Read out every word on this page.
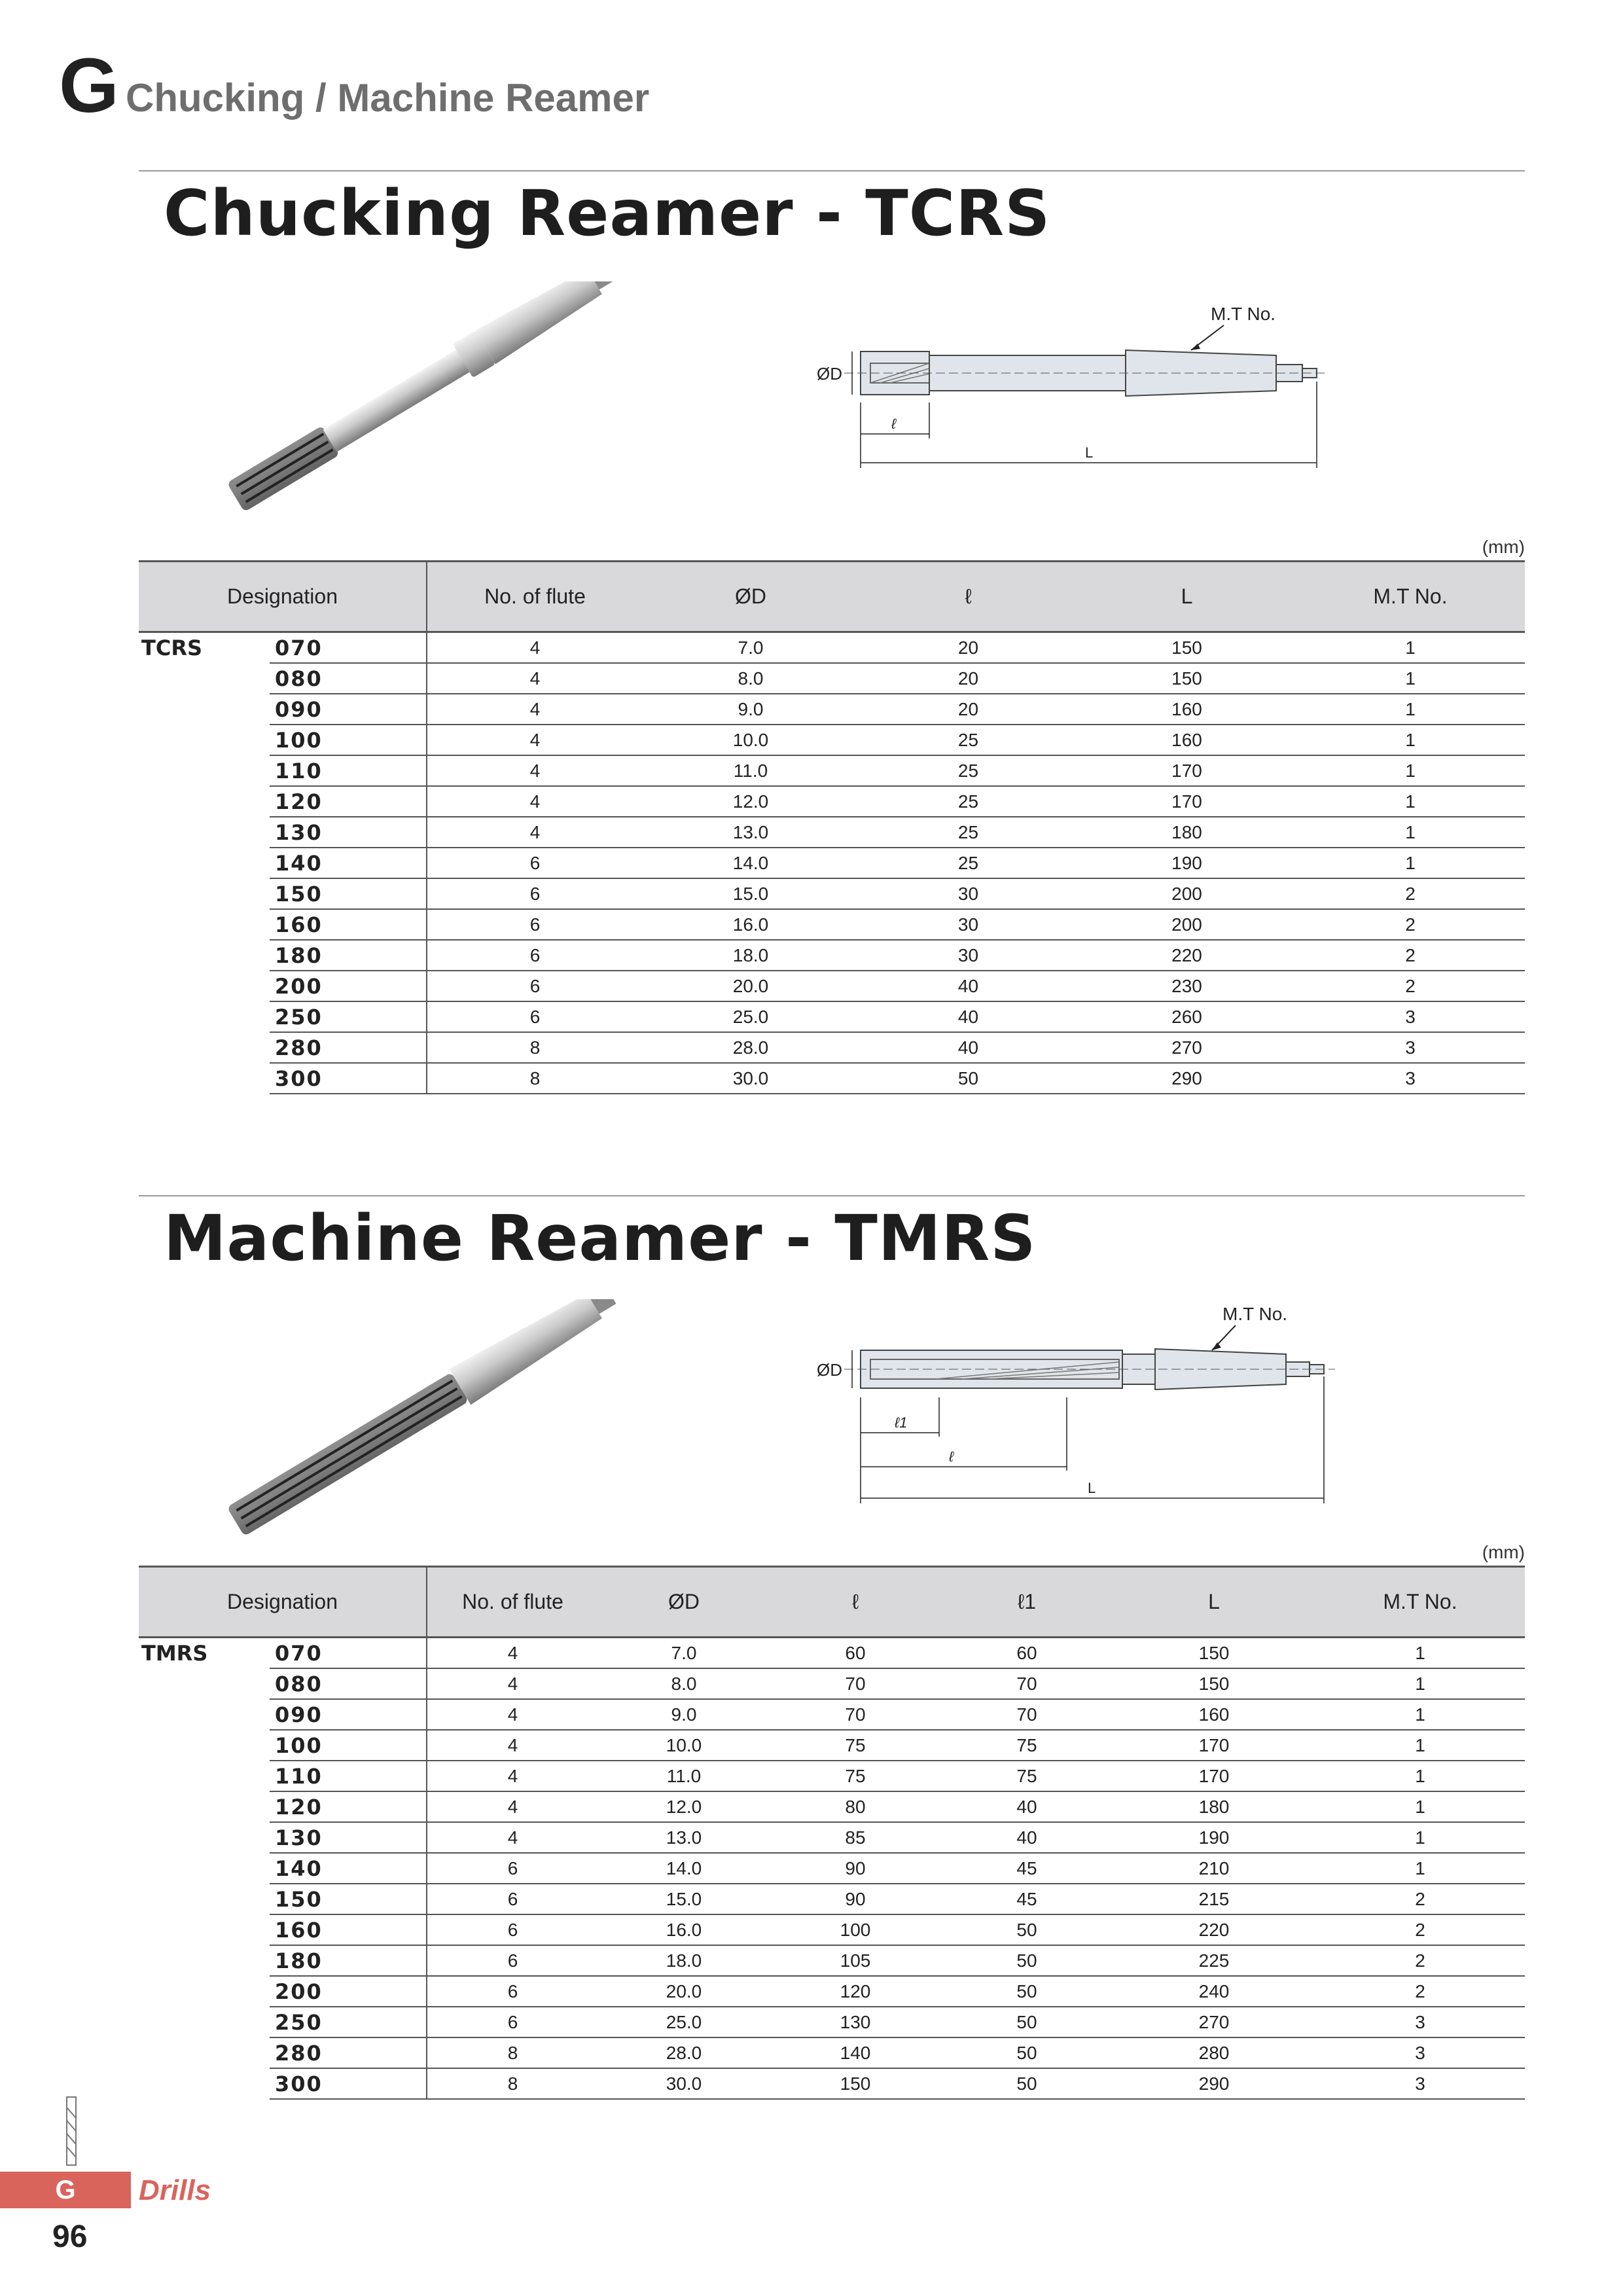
G Chucking / Machine Reamer
Chucking Reamer - TCRS
M.T No.
ØD
ℓ
L
(mm)
Designation		No. of flute	ØD	ℓ	L	M.T No.
TCRS	070	4	7.0	20	150	1
	080	4	8.0	20	150	1
	090	4	9.0	20	160	1
	100	4	10.0	25	160	1
	110	4	11.0	25	170	1
	120	4	12.0	25	170	1
	130	4	13.0	25	180	1
	140	6	14.0	25	190	1
	150	6	15.0	30	200	2
	160	6	16.0	30	200	2
	180	6	18.0	30	220	2
	200	6	20.0	40	230	2
	250	6	25.0	40	260	3
	280	8	28.0	40	270	3
	300	8	30.0	50	290	3
Machine Reamer - TMRS
M.T No.
ØD
ℓ1
ℓ
L
(mm)
Designation		No. of flute	ØD	ℓ	ℓ1	L	M.T No.
TMRS	070	4	7.0	60	60	150	1
	080	4	8.0	70	70	150	1
	090	4	9.0	70	70	160	1
	100	4	10.0	75	75	170	1
	110	4	11.0	75	75	170	1
	120	4	12.0	80	40	180	1
	130	4	13.0	85	40	190	1
	140	6	14.0	90	45	210	1
	150	6	15.0	90	45	215	2
	160	6	16.0	100	50	220	2
	180	6	18.0	105	50	225	2
	200	6	20.0	120	50	240	2
	250	6	25.0	130	50	270	3
	280	8	28.0	140	50	280	3
	300	8	30.0	150	50	290	3
G	Drills
96
